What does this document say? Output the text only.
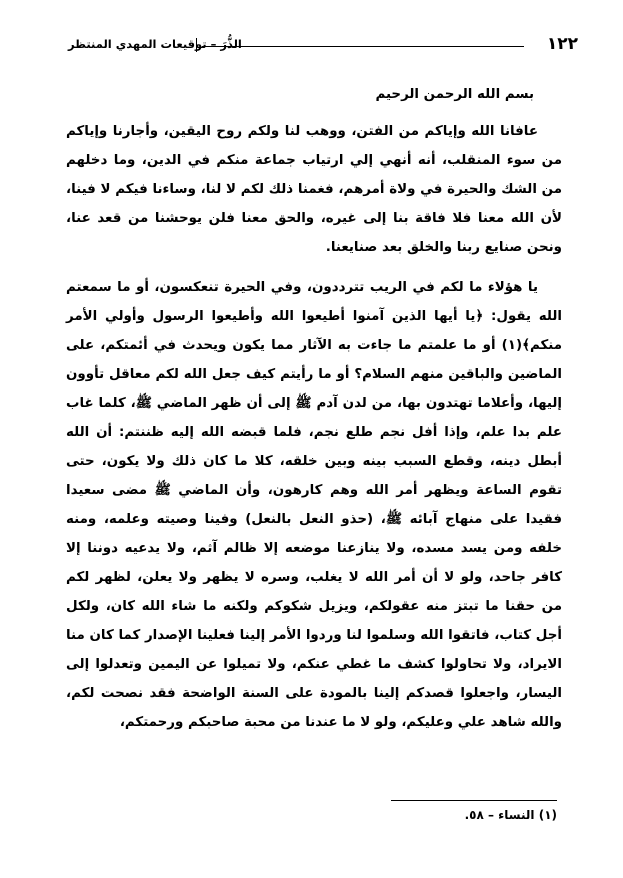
١٢٢
الذُّرَ – توقيعات المهدي المنتظر

بسم الله الرحمن الرحيم

عافانا الله وإياكم من الفتن، ووهب لنا ولكم روح اليقين، وأجارنا وإياكم من سوء المنقلب، أنه أنهي إلي ارتياب جماعة منكم في الدين، وما دخلهم من الشك والحيرة في ولاة أمرهم، فغمنا ذلك لكم لا لنا، وساءنا فيكم لا فينا، لأن الله معنا فلا فاقة بنا إلى غيره، والحق معنا فلن يوحشنا من قعد عنا، ونحن صنايع ربنا والخلق بعد صنايعنا.

يا هؤلاء ما لكم في الريب تترددون، وفي الحيرة تنعكسون، أو ما سمعتم الله يقول: ﴿يا أيها الذين آمنوا أطيعوا الله وأطيعوا الرسول وأولي الأمر منكم﴾(١) أو ما علمتم ما جاءت به الآثار مما يكون ويحدث في أئمتكم، على الماضين والباقين منهم السلام؟ أو ما رأيتم كيف جعل الله لكم معاقل تأوون إليها، وأعلاما تهتدون بها، من لدن آدم ﷺ إلى أن ظهر الماضي ﷺ، كلما غاب علم بدا علم، وإذا أفل نجم طلع نجم، فلما قبضه الله إليه ظننتم: أن الله أبطل دينه، وقطع السبب بينه وبين خلقه، كلا ما كان ذلك ولا يكون، حتى تقوم الساعة ويظهر أمر الله وهم كارهون، وأن الماضي ﷺ مضى سعيدا فقيدا على منهاج آبائه ﷺ، (حذو النعل بالنعل) وفينا وصيته وعلمه، ومنه خلفه ومن يسد مسده، ولا ينازعنا موضعه إلا ظالم آثم، ولا يدعيه دوننا إلا كافر جاحد، ولو لا أن أمر الله لا يغلب، وسره لا يظهر ولا يعلن، لظهر لكم من حقنا ما تبتز منه عقولكم، ويزيل شكوكم ولكنه ما شاء الله كان، ولكل أجل كتاب، فاتقوا الله وسلموا لنا وردوا الأمر إلينا فعلينا الإصدار كما كان منا الايراد، ولا تحاولوا كشف ما غطي عنكم، ولا تميلوا عن اليمين وتعدلوا إلى اليسار، واجعلوا قصدكم إلينا بالمودة على السنة الواضحة فقد نصحت لكم، والله شاهد علي وعليكم، ولو لا ما عندنا من محبة صاحبكم ورحمتكم،

(١) النساء – ٥٨.
